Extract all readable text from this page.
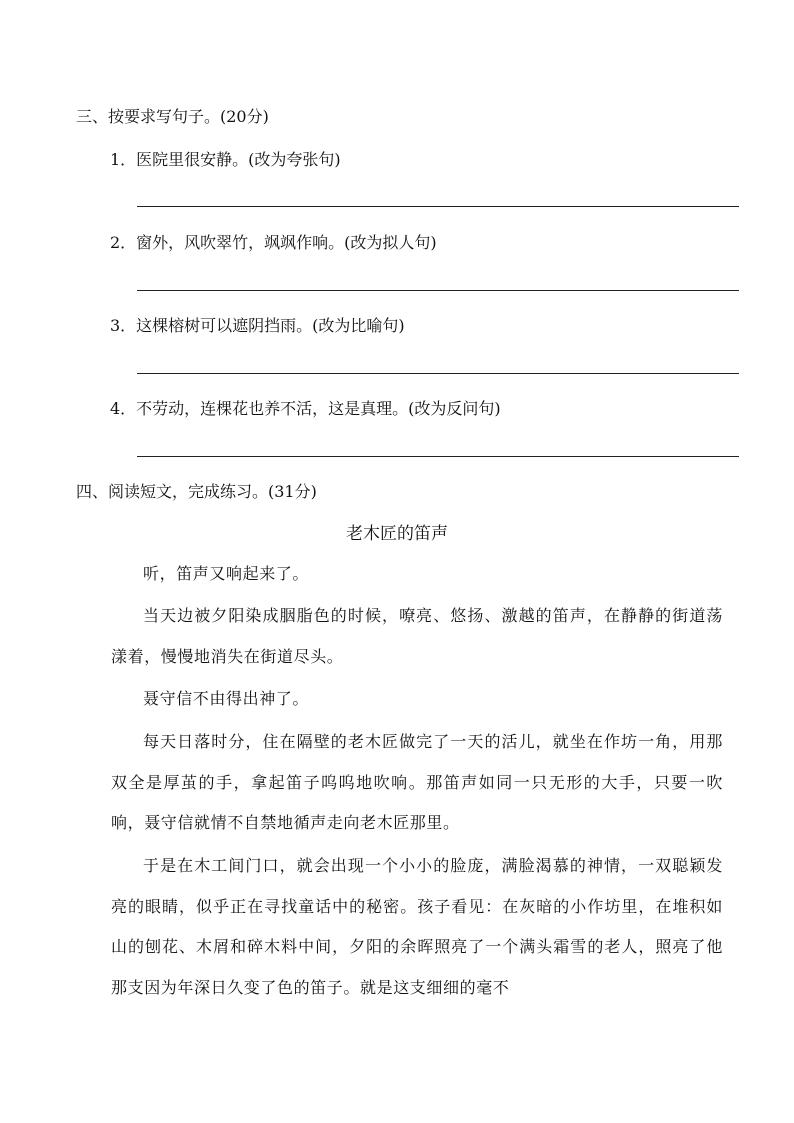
三、按要求写句子。(20分)
1．医院里很安静。(改为夸张句)
2．窗外，风吹翠竹，飒飒作响。(改为拟人句)
3．这棵榕树可以遮阴挡雨。(改为比喻句)
4．不劳动，连棵花也养不活，这是真理。(改为反问句)
四、阅读短文，完成练习。(31分)
老木匠的笛声
听，笛声又响起来了。
当天边被夕阳染成胭脂色的时候，嘹亮、悠扬、激越的笛声，在静静的街道荡漾着，慢慢地消失在街道尽头。
聂守信不由得出神了。
每天日落时分，住在隔壁的老木匠做完了一天的活儿，就坐在作坊一角，用那双全是厚茧的手，拿起笛子呜呜地吹响。那笛声如同一只无形的大手，只要一吹响，聂守信就情不自禁地循声走向老木匠那里。
于是在木工间门口，就会出现一个小小的脸庞，满脸渴慕的神情，一双聪颖发亮的眼睛，似乎正在寻找童话中的秘密。孩子看见：在灰暗的小作坊里，在堆积如山的刨花、木屑和碎木料中间，夕阳的余晖照亮了一个满头霜雪的老人，照亮了他那支因为年深日久变了色的笛子。就是这支细细的毫不
